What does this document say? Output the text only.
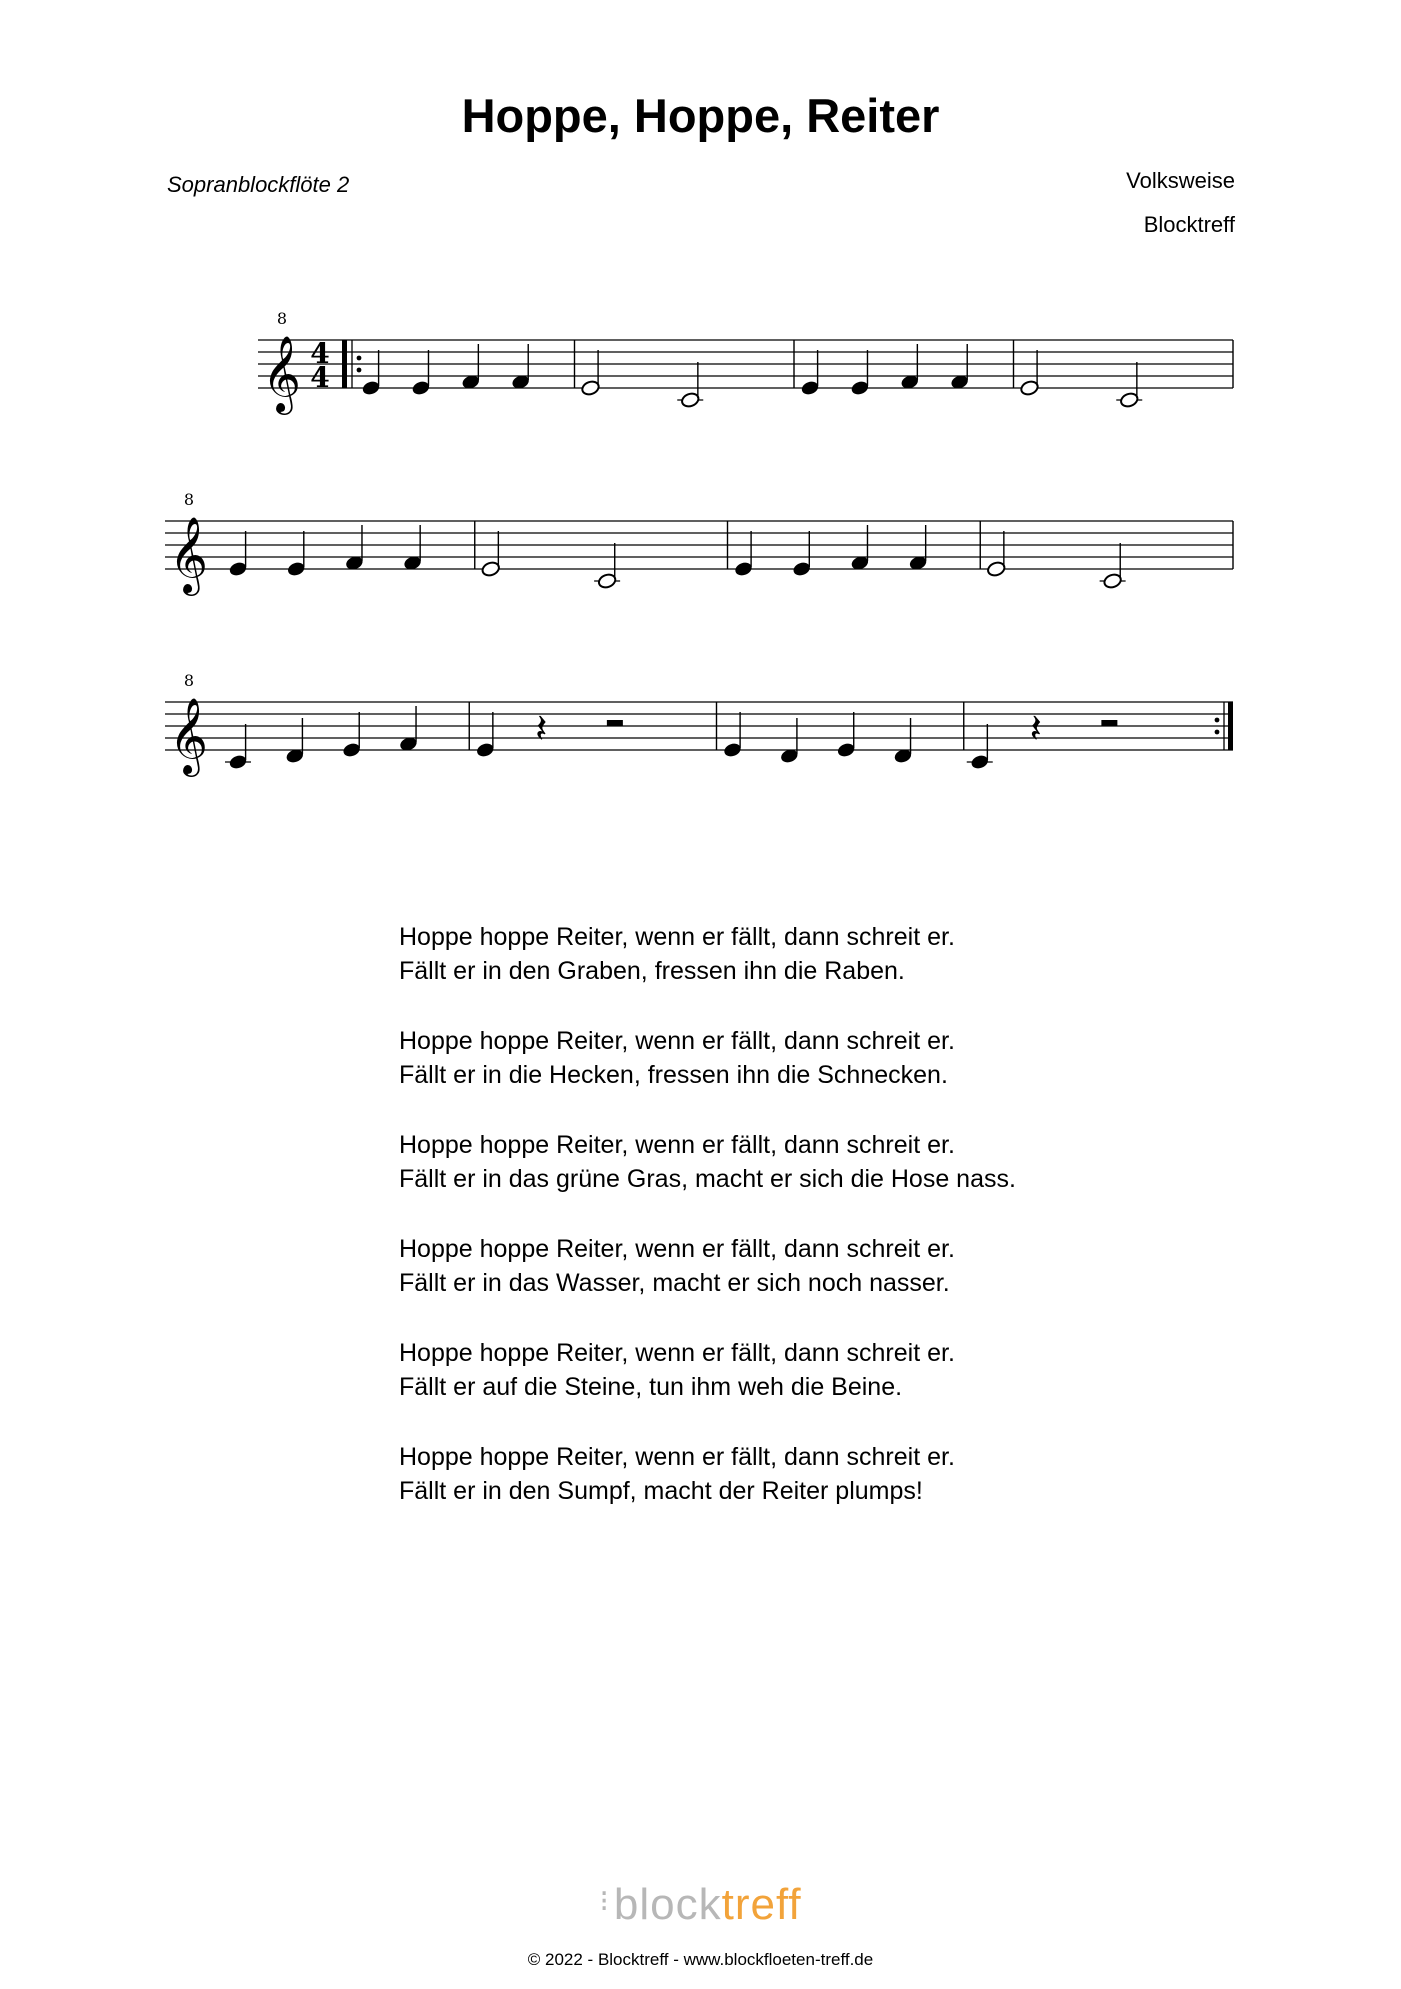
Hoppe, Hoppe, Reiter
Sopranblockflöte 2	Volksweise
Blocktreff
𝄞
8
4
4
𝄞
8
𝄞
8
𝄽	𝄽
Hoppe hoppe Reiter, wenn er fällt, dann schreit er.
Fällt er in den Graben, fressen ihn die Raben.
Hoppe hoppe Reiter, wenn er fällt, dann schreit er.
Fällt er in die Hecken, fressen ihn die Schnecken.
Hoppe hoppe Reiter, wenn er fällt, dann schreit er.
Fällt er in das grüne Gras, macht er sich die Hose nass.
Hoppe hoppe Reiter, wenn er fällt, dann schreit er.
Fällt er in das Wasser, macht er sich noch nasser.
Hoppe hoppe Reiter, wenn er fällt, dann schreit er.
Fällt er auf die Steine, tun ihm weh die Beine.
Hoppe hoppe Reiter, wenn er fällt, dann schreit er.
Fällt er in den Sumpf, macht der Reiter plumps!
⁝blocktreff
© 2022 - Blocktreff - www.blockfloeten-treff.de
